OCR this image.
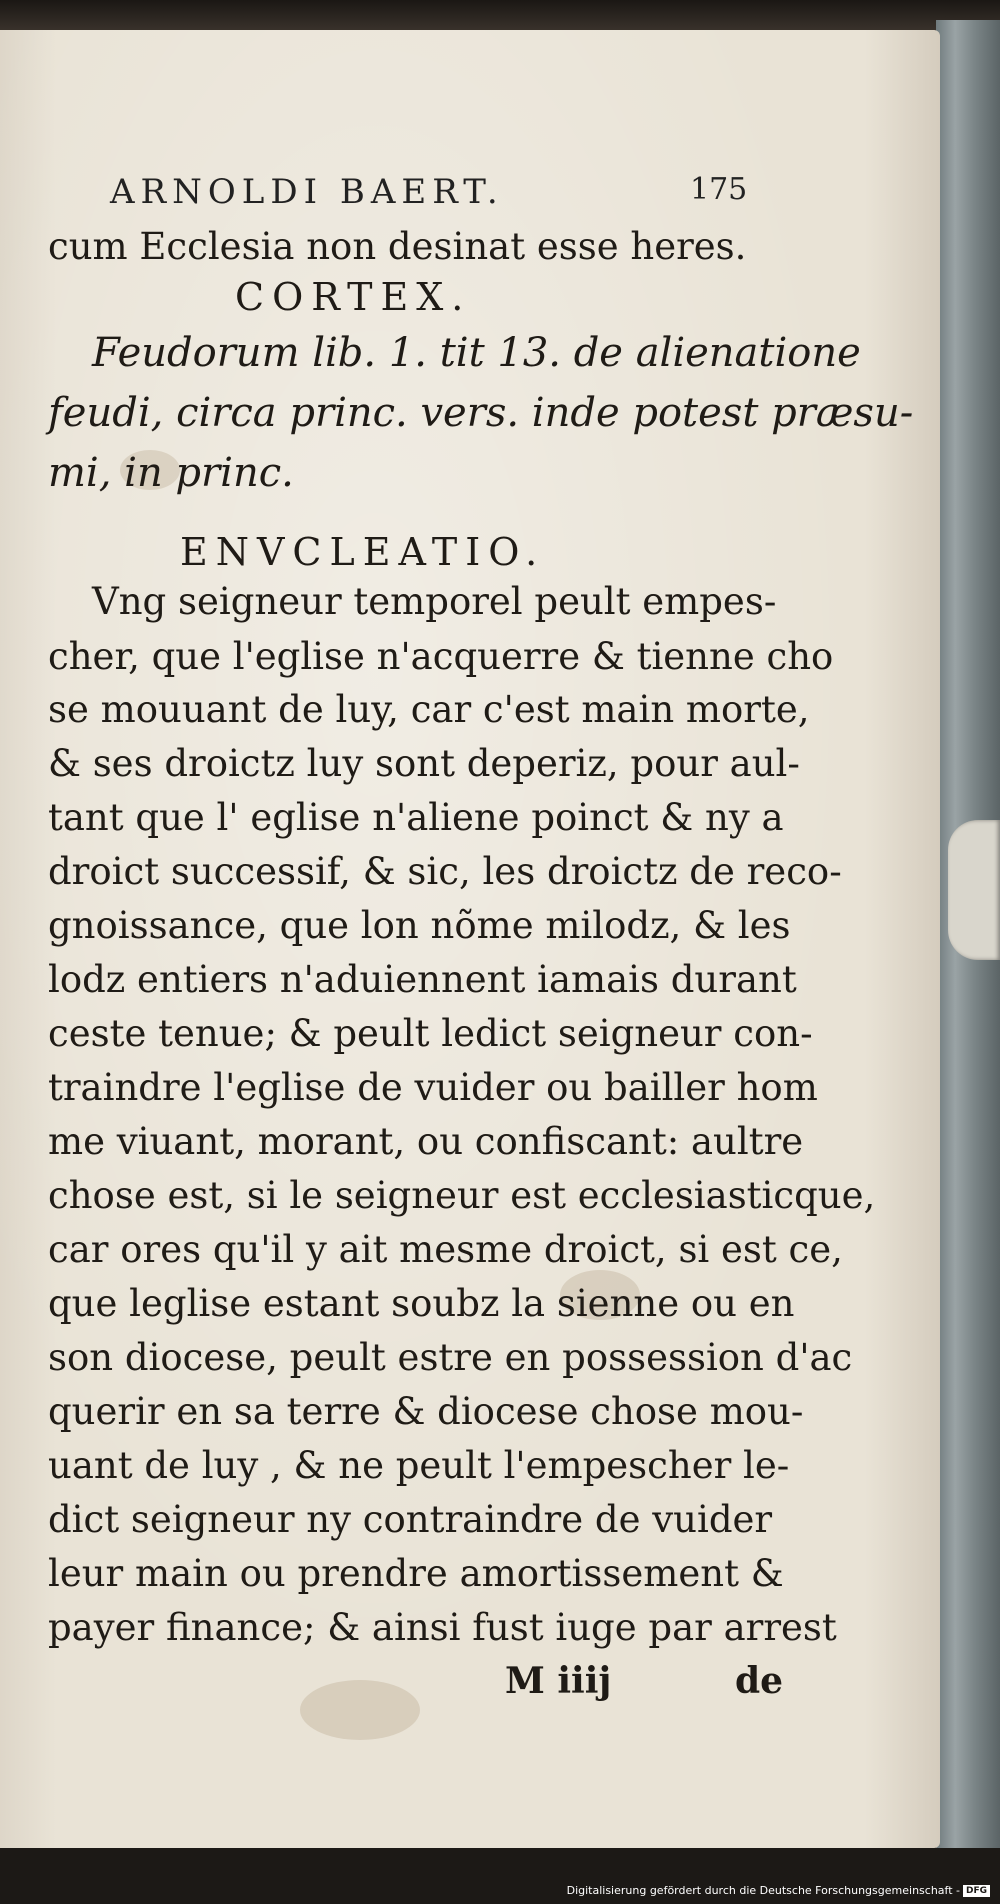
ARNOLDI BAERT.	175
cum Ecclesia non desinat esse heres.
CORTEX.
Feudorum lib. 1. tit 13. de alienatione
feudi, circa princ. vers. inde potest præsu-
mi, in princ.
ENVCLEATIO.
Vng seigneur temporel peult empes-
cher, que l'eglise n'acquerre & tienne cho
se mouuant de luy, car c'est main morte,
& ses droictz luy sont deperiz, pour aul-
tant que l' eglise n'aliene poinct & ny a
droict successif, & sic, les droictz de reco-
gnoissance, que lon nõme milodz, & les
lodz entiers n'aduiennent iamais durant
ceste tenue; & peult ledict seigneur con-
traindre l'eglise de vuider ou bailler hom
me viuant, morant, ou confiscant: aultre
chose est, si le seigneur est ecclesiasticque,
car ores qu'il y ait mesme droict, si est ce,
que leglise estant soubz la sienne ou en
son diocese, peult estre en possession d'ac
querir en sa terre & diocese chose mou-
uant de luy , & ne peult l'empescher le-
dict seigneur ny contraindre de vuider
leur main ou prendre amortissement &
payer finance; & ainsi fust iuge par arrest
M iiij	de
Digitalisierung gefördert durch die Deutsche Forschungsgemeinschaft - DFG
